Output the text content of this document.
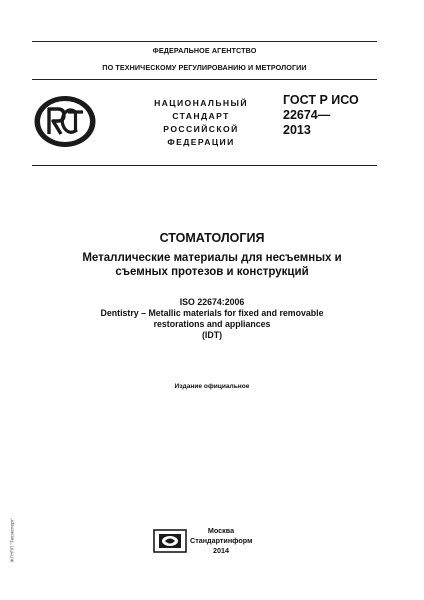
ФЕДЕРАЛЬНОЕ АГЕНТСТВО
ПО ТЕХНИЧЕСКОМУ РЕГУЛИРОВАНИЮ И МЕТРОЛОГИИ
НАЦИОНАЛЬНЫЙ
СТАНДАРТ
РОССИЙСКОЙ
ФЕДЕРАЦИИ
ГОСТ Р ИСО
22674—
2013
СТОМАТОЛОГИЯ
Металлические материалы для несъемных и
съемных протезов и конструкций
ISO 22674:2006
Dentistry – Metallic materials for fixed and removable
restorations and appliances
(IDT)
Издание официальное
Москва
Стандартинформ
2014
ЖГНПП "Техэксперт"
